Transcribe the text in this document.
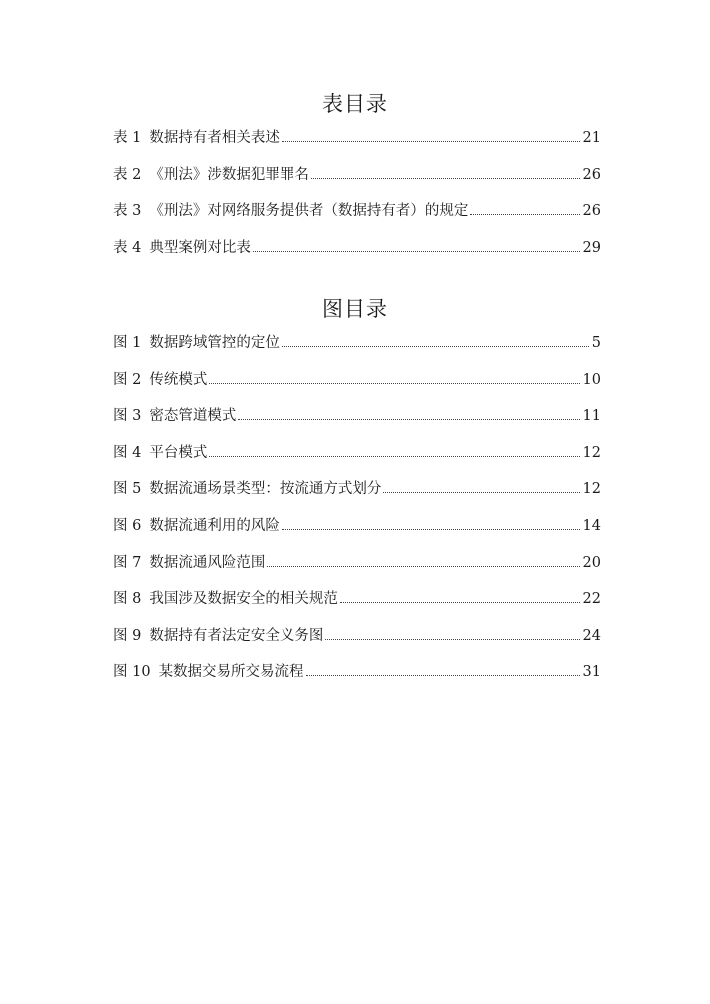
表目录
表 1 数据持有者相关表述	21
表 2 《刑法》涉数据犯罪罪名	26
表 3 《刑法》对网络服务提供者（数据持有者）的规定	26
表 4 典型案例对比表	29
图目录
图 1 数据跨域管控的定位	5
图 2 传统模式	10
图 3 密态管道模式	11
图 4 平台模式	12
图 5 数据流通场景类型：按流通方式划分	12
图 6 数据流通利用的风险	14
图 7 数据流通风险范围	20
图 8 我国涉及数据安全的相关规范	22
图 9 数据持有者法定安全义务图	24
图 10 某数据交易所交易流程	31
